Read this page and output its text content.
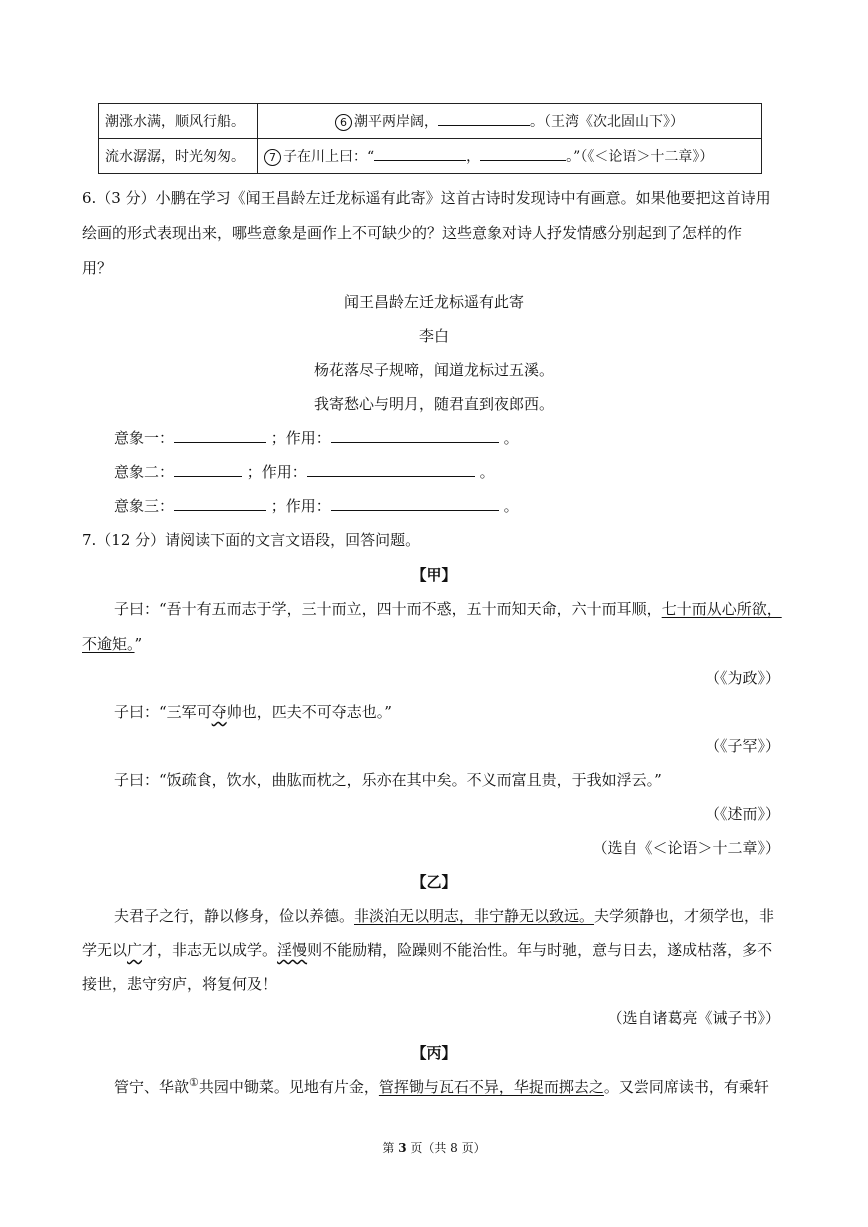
潮涨水满，顺风行船。	6 潮平两岸阔， 。（王湾《次北固山下》）
流水潺潺，时光匆匆。	7 子在川上曰：“ ， 。”（《＜论语＞十二章》）
6.（3 分）小鹏在学习《闻王昌龄左迁龙标遥有此寄》这首古诗时发现诗中有画意。如果他要把这首诗用
绘画的形式表现出来，哪些意象是画作上不可缺少的？这些意象对诗人抒发情感分别起到了怎样的作
用？
闻王昌龄左迁龙标遥有此寄
李白
杨花落尽子规啼，闻道龙标过五溪。
我寄愁心与明月，随君直到夜郎西。
意象一：	；作用：	。
意象二：	；作用：	。
意象三：	；作用：	。
7.（12 分）请阅读下面的文言文语段，回答问题。
【甲】
子曰：“吾十有五而志于学，三十而立，四十而不惑，五十而知天命，六十而耳顺，七十而从心所欲，
不逾矩。”
（《为政》）
子曰：“三军可夺帅也，匹夫不可夺志也。”
（《子罕》）
子曰：“饭疏食，饮水，曲肱而枕之，乐亦在其中矣。不义而富且贵，于我如浮云。”
（《述而》）
（选自《＜论语＞十二章》）
【乙】
夫君子之行，静以修身，俭以养德。非淡泊无以明志，非宁静无以致远。夫学须静也，才须学也，非
学无以广才，非志无以成学。淫慢则不能励精，险躁则不能治性。年与时驰，意与日去，遂成枯落，多不
接世，悲守穷庐，将复何及！
（选自诸葛亮《诫子书》）
【丙】
管宁、华歆①共园中锄菜。见地有片金，管挥锄与瓦石不异，华捉而掷去之。又尝同席读书，有乘轩
第 3 页（共 8 页）
